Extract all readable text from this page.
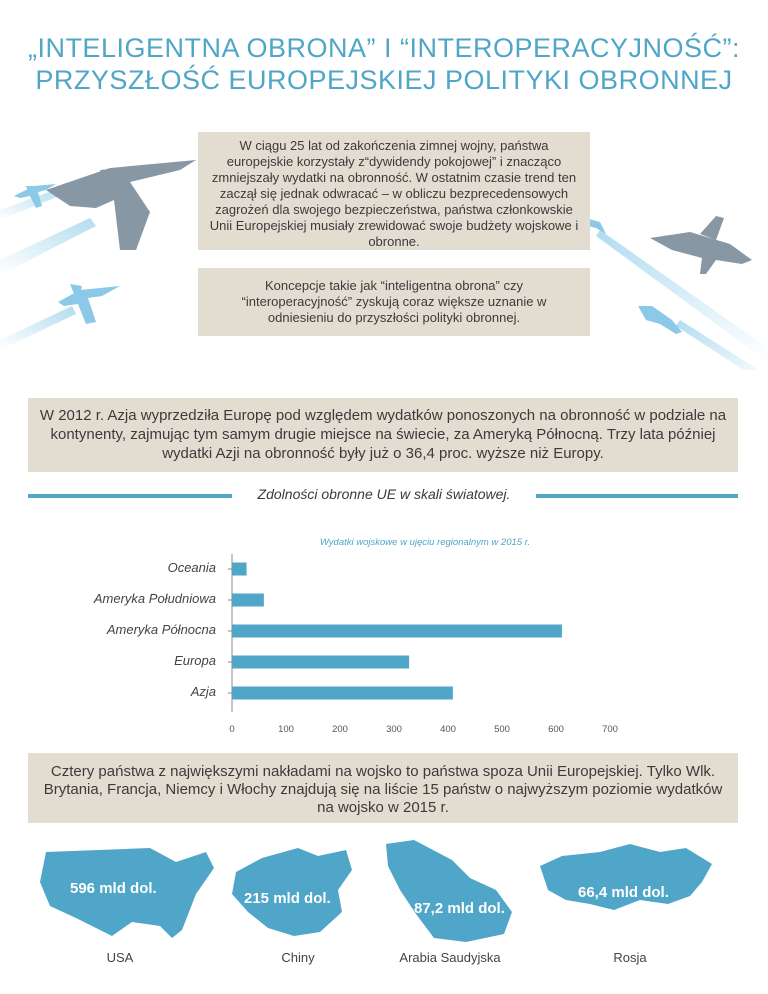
„INTELIGENTNA OBRONA” I “INTEROPERACYJNOŚĆ”:
PRZYSZŁOŚĆ EUROPEJSKIEJ POLITYKI OBRONNEJ
W ciągu 25 lat od zakończenia zimnej wojny, państwa europejskie korzystały z“dywidendy pokojowej” i znacząco zmniejszały wydatki na obronność. W ostatnim czasie trend ten zaczął się jednak odwracać – w obliczu bezprecedensowych zagrożeń dla swojego bezpieczeństwa, państwa członkowskie Unii Europejskiej musiały zrewidować swoje budżety wojskowe i obronne.
Koncepcje takie jak “inteligentna obrona” czy “interoperacyjność” zyskują coraz większe uznanie w odniesieniu do przyszłości polityki obronnej.
W 2012 r. Azja wyprzedziła Europę pod względem wydatków ponoszonych na obronność w podziale na kontynenty, zajmując tym samym drugie miejsce na świecie, za Ameryką Północną. Trzy lata później wydatki Azji na obronność były już o 36,4 proc. wyższe niż Europy.
Zdolności obronne UE w skali światowej.
Wydatki wojskowe w ujęciu regionalnym w 2015 r.
Oceania
Ameryka Południowa
Ameryka Północna
Europa
Azja
0	100	200	300	400	500	600	700
Cztery państwa z największymi nakładami na wojsko to państwa spoza Unii Europejskiej. Tylko Wlk. Brytania, Francja, Niemcy i Włochy znajdują się na liście 15 państw o najwyższym poziomie wydatków na wojsko w 2015 r.
596 mld dol.
215 mld dol.
87,2 mld dol.
66,4 mld dol.
USA	Chiny	Arabia Saudyjska	Rosja
